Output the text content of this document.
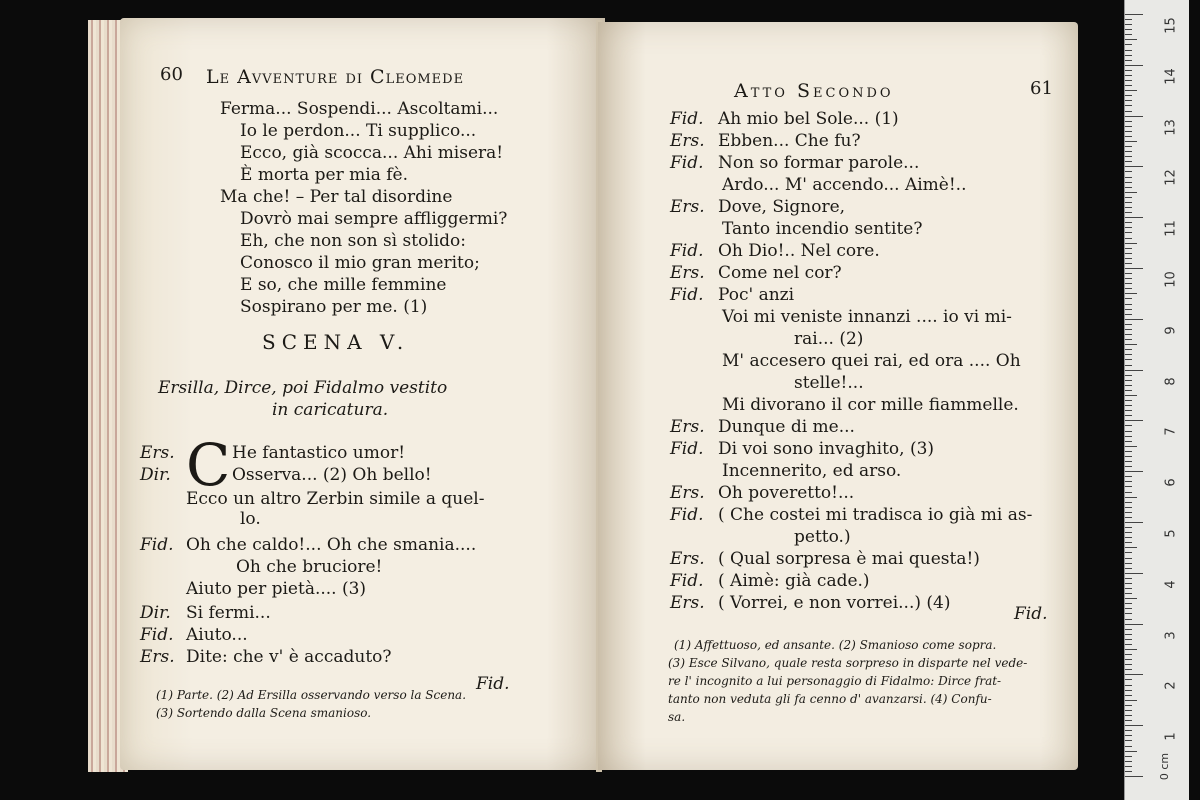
60 Le Avventure di Cleomede
Ferma... Sospendi... Ascoltami...
Io le perdon... Ti supplico...
Ecco, già scocca... Ahi misera!
È morta per mia fè.
Ma che! – Per tal disordine
Dovrò mai sempre affliggermi?
Eh, che non son sì stolido:
Conosco il mio gran merito;
E so, che mille femmine
Sospirano per me. (1)
SCENA V.
Ersilla, Dirce, poi Fidalmo vestito
in caricatura.
C
Ers.	He fantastico umor!
Dir.	Osserva... (2) Oh bello!
Ecco un altro Zerbin simile a quel-
lo.
Fid. Oh che caldo!... Oh che smania....
Oh che bruciore!
Aiuto per pietà.... (3)
Dir. Si fermi...
Fid. Aiuto...
Ers. Dite: che v' è accaduto?
Fid.
(1) Parte. (2) Ad Ersilla osservando verso la Scena.
(3) Sortendo dalla Scena smanioso.
Atto Secondo	61
Fid. Ah mio bel Sole... (1)
Ers. Ebben... Che fu?
Fid. Non so formar parole...
Ardo... M' accendo... Aimè!..
Ers. Dove, Signore,
Tanto incendio sentite?
Fid. Oh Dio!.. Nel core.
Ers. Come nel cor?
Fid. Poc' anzi
Voi mi veniste innanzi .... io vi mi-
rai... (2)
M' accesero quei rai, ed ora .... Oh
stelle!...
Mi divorano il cor mille fiammelle.
Ers. Dunque di me...
Fid. Di voi sono invaghito, (3)
Incennerito, ed arso.
Ers. Oh poveretto!...
Fid. ( Che costei mi tradisca io già mi as-
petto.)
Ers. ( Qual sorpresa è mai questa!)
Fid. ( Aimè: già cade.)
Ers. ( Vorrei, e non vorrei...) (4)
Fid.
(1) Affettuoso, ed ansante. (2) Smanioso come sopra.
(3) Esce Silvano, quale resta sorpreso in disparte nel vede-
re l' incognito a lui personaggio di Fidalmo: Dirce frat-
tanto non veduta gli fa cenno d' avanzarsi. (4) Confu-
sa.
0 cm
15
14
13
12
11
10
9
8
7
6
5
4
3
2
1
